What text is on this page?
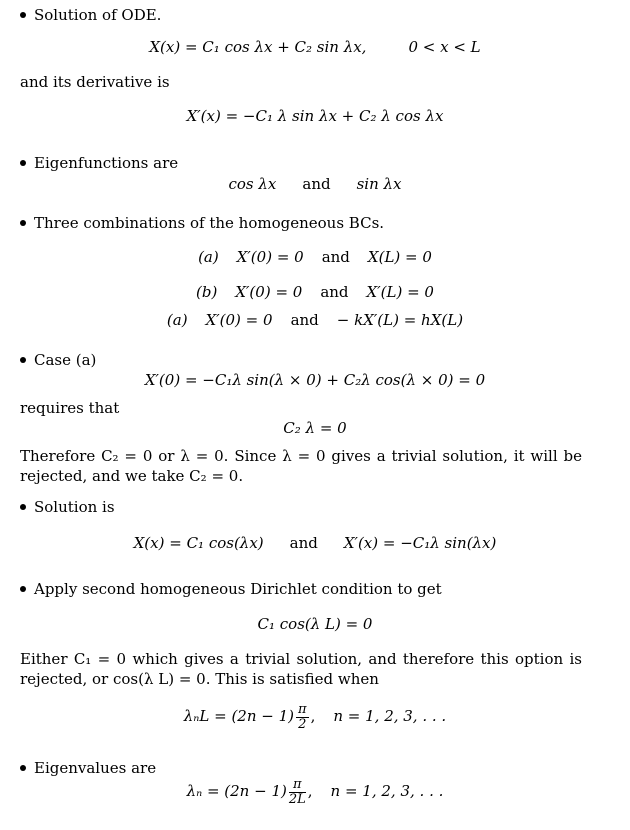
Solution of ODE.
X(x) = C₁ cos λx + C₂ sin λx,	0 < x < L
and its derivative is
X′(x) = −C₁ λ sin λx + C₂ λ cos λx
Eigenfunctions are
cos λx and sin λx
Three combinations of the homogeneous BCs.
(a) X′(0) = 0 and X(L) = 0
(b) X′(0) = 0 and X′(L) = 0
(a) X′(0) = 0 and − kX′(L) = hX(L)
Case (a)
X′(0) = −C₁λ sin(λ × 0) + C₂λ cos(λ × 0) = 0
requires that
C₂ λ = 0
Therefore C₂ = 0 or λ = 0. Since λ = 0 gives a trivial solution, it will be rejected, and we take C₂ = 0.
Solution is
X(x) = C₁ cos(λx) and X′(x) = −C₁λ sin(λx)
Apply second homogeneous Dirichlet condition to get
C₁ cos(λ L) = 0
Either C₁ = 0 which gives a trivial solution, and therefore this option is rejected, or cos(λ L) = 0. This is satisfied when
$\lambda_nL = (2n - 1) \frac{\pi}{2}$ , n = 1, 2, 3, . . .
Eigenvalues are
$\lambda_n = (2n - 1) \frac{\pi}{2L}$ , n = 1, 2, 3, . . .
